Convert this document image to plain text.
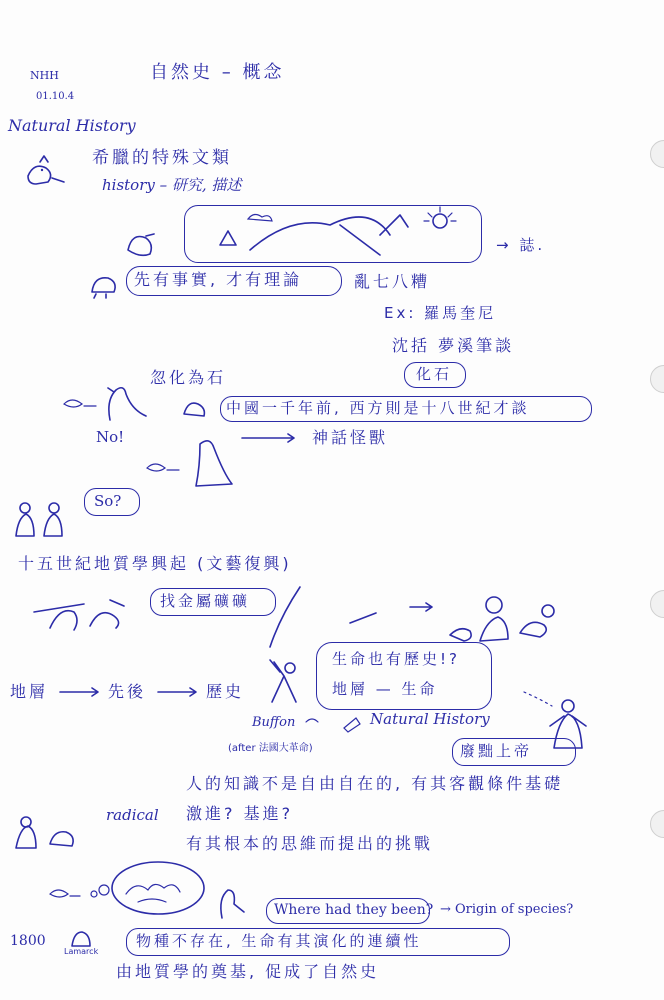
NHH
01.10.4
自然史 – 概念
Natural History
希臘的特殊文類
history – 研究, 描述
→ 誌.
先有事實, 才有理論	亂七八糟
Ex: 羅馬奎尼
沈括 夢溪筆談
化石
忽化為石
中國一千年前, 西方則是十八世紀才談
No!	神話怪獸
So?
十五世紀地質學興起 (文藝復興)
找金屬礦礦
地層	先後	歷史
生命也有歷史!?
地層 — 生命
Buffon	Natural History
(after 法國大革命)	廢黜上帝
人的知識不是自由自在的, 有其客觀條件基礎
radical 激進? 基進?
有其根本的思維而提出的挑戰
Where had they been? → Origin of species?
1800
Lamarck
物種不存在, 生命有其演化的連續性
由地質學的奠基, 促成了自然史
